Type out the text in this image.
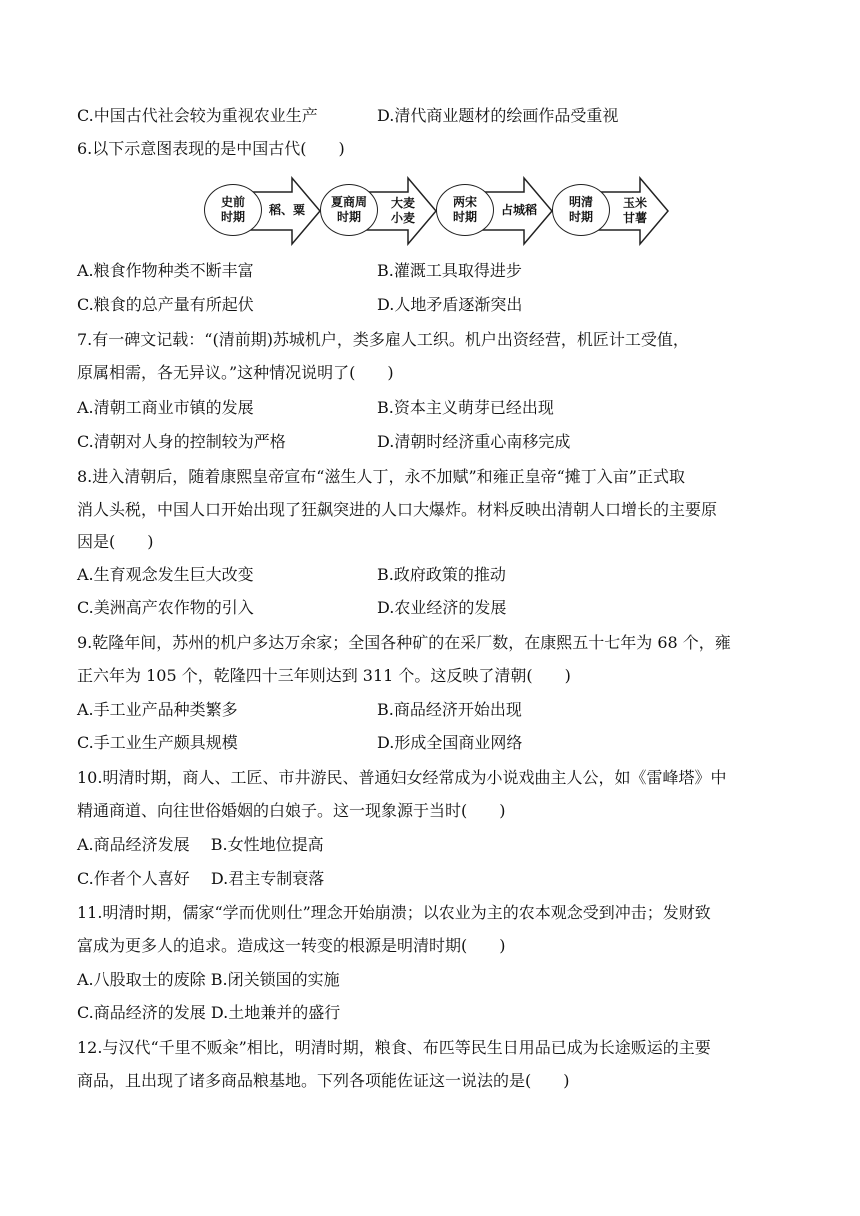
C.中国古代社会较为重视农业生产	D.清代商业题材的绘画作品受重视
6.以下示意图表现的是中国古代(　　)
A.粮食作物种类不断丰富	B.灌溉工具取得进步
C.粮食的总产量有所起伏	D.人地矛盾逐渐突出
7.有一碑文记载：“(清前期)苏城机户，类多雇人工织。机户出资经营，机匠计工受值，
原属相需，各无异议。”这种情况说明了(　　)
A.清朝工商业市镇的发展	B.资本主义萌芽已经出现
C.清朝对人身的控制较为严格	D.清朝时经济重心南移完成
8.进入清朝后，随着康熙皇帝宣布“滋生人丁，永不加赋”和雍正皇帝“摊丁入亩”正式取
消人头税，中国人口开始出现了狂飙突进的人口大爆炸。材料反映出清朝人口增长的主要原
因是(　　)
A.生育观念发生巨大改变	B.政府政策的推动
C.美洲高产农作物的引入	D.农业经济的发展
9.乾隆年间，苏州的机户多达万余家；全国各种矿的在采厂数，在康熙五十七年为 68 个，雍
正六年为 105 个，乾隆四十三年则达到 311 个。这反映了清朝(　　)
A.手工业产品种类繁多	B.商品经济开始出现
C.手工业生产颇具规模	D.形成全国商业网络
10.明清时期，商人、工匠、市井游民、普通妇女经常成为小说戏曲主人公，如《雷峰塔》中
精通商道、向往世俗婚姻的白娘子。这一现象源于当时(　　)
A.商品经济发展　 B.女性地位提高
C.作者个人喜好　 D.君主专制衰落
11.明清时期，儒家“学而优则仕”理念开始崩溃；以农业为主的农本观念受到冲击；发财致
富成为更多人的追求。造成这一转变的根源是明清时期(　　)
A.八股取士的废除 B.闭关锁国的实施
C.商品经济的发展 D.土地兼并的盛行
12.与汉代“千里不贩籴”相比，明清时期，粮食、布匹等民生日用品已成为长途贩运的主要
商品，且出现了诸多商品粮基地。下列各项能佐证这一说法的是(　　)
史前
时期	稻、粟
夏商周
时期
大麦
小麦
两宋
时期	占城稻
明清
时期
玉米
甘薯
